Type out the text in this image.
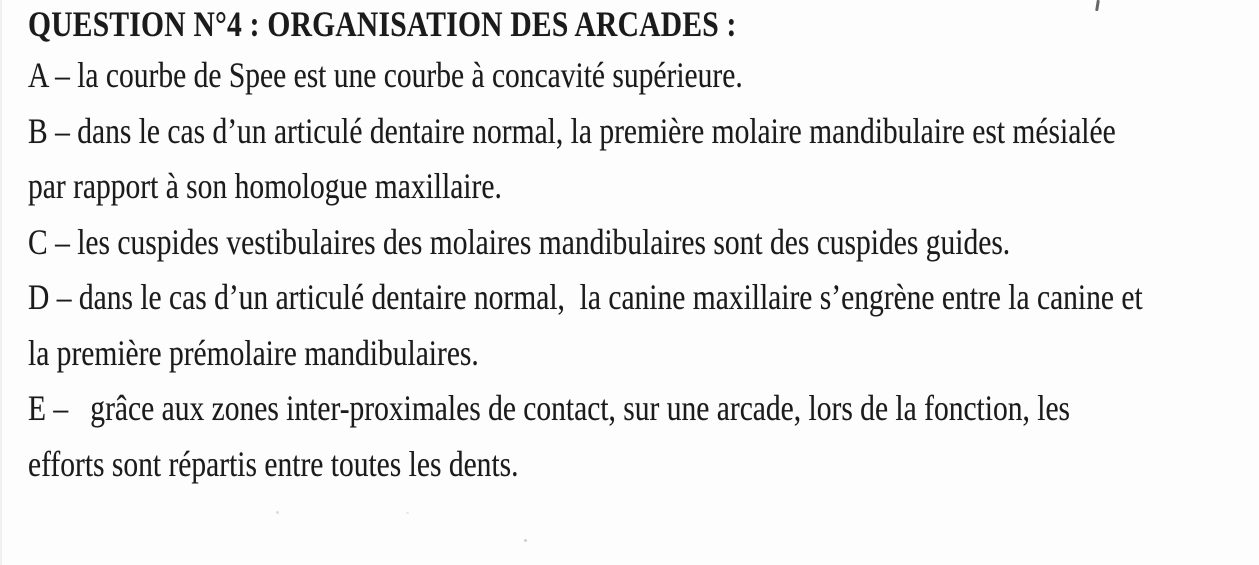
QUESTION N°4 : ORGANISATION DES ARCADES :
A – la courbe de Spee est une courbe à concavité supérieure.
B – dans le cas d’un articulé dentaire normal, la première molaire mandibulaire est mésialée
par rapport à son homologue maxillaire.
C – les cuspides vestibulaires des molaires mandibulaires sont des cuspides guides.
D – dans le cas d’un articulé dentaire normal,  la canine maxillaire s’engrène entre la canine et
la première prémolaire mandibulaires.
E –   grâce aux zones inter-proximales de contact, sur une arcade, lors de la fonction, les
efforts sont répartis entre toutes les dents.
